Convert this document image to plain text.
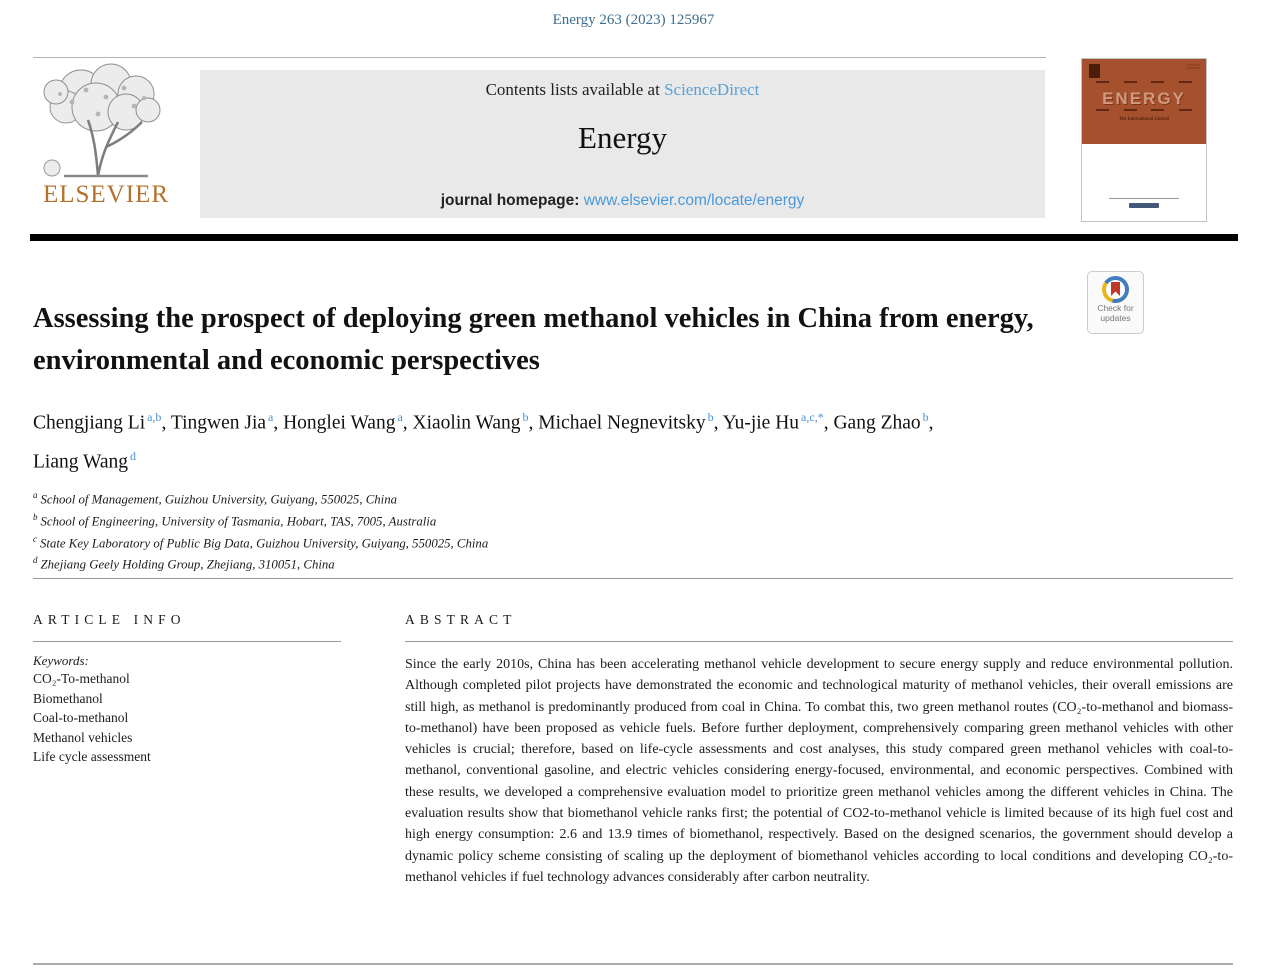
Energy 263 (2023) 125967
ELSEVIER
Contents lists available at ScienceDirect
Energy
journal homepage: www.elsevier.com/locate/energy
ENERGY
The International Journal
Check for
updates
Assessing the prospect of deploying green methanol vehicles in China from energy, environmental and economic perspectives
Chengjiang Li $^{a,b}$, Tingwen Jia $^a$, Honglei Wang $^a$, Xiaolin Wang $^b$, Michael Negnevitsky $^b$, Yu-jie Hu $^{a,c,*}$, Gang Zhao $^b$, Liang Wang $^d$
$^a$ School of Management, Guizhou University, Guiyang, 550025, China
$^b$ School of Engineering, University of Tasmania, Hobart, TAS, 7005, Australia
$^c$ State Key Laboratory of Public Big Data, Guizhou University, Guiyang, 550025, China
$^d$ Zhejiang Geely Holding Group, Zhejiang, 310051, China
ARTICLE INFO
Keywords:
CO₂-To-methanol
Biomethanol
Coal-to-methanol
Methanol vehicles
Life cycle assessment
ABSTRACT
Since the early 2010s, China has been accelerating methanol vehicle development to secure energy supply and reduce environmental pollution. Although completed pilot projects have demonstrated the economic and technological maturity of methanol vehicles, their overall emissions are still high, as methanol is predominantly produced from coal in China. To combat this, two green methanol routes (CO₂-to-methanol and biomass-to-methanol) have been proposed as vehicle fuels. Before further deployment, comprehensively comparing green methanol vehicles with other vehicles is crucial; therefore, based on life-cycle assessments and cost analyses, this study compared green methanol vehicles with coal-to-methanol, conventional gasoline, and electric vehicles considering energy-focused, environmental, and economic perspectives. Combined with these results, we developed a comprehensive evaluation model to prioritize green methanol vehicles among the different vehicles in China. The evaluation results show that biomethanol vehicle ranks first; the potential of CO2-to-methanol vehicle is limited because of its high fuel cost and high energy consumption: 2.6 and 13.9 times of biomethanol, respectively. Based on the designed scenarios, the government should develop a dynamic policy scheme consisting of scaling up the deployment of biomethanol vehicles according to local conditions and developing CO₂-to-methanol vehicles if fuel technology advances considerably after carbon neutrality.
